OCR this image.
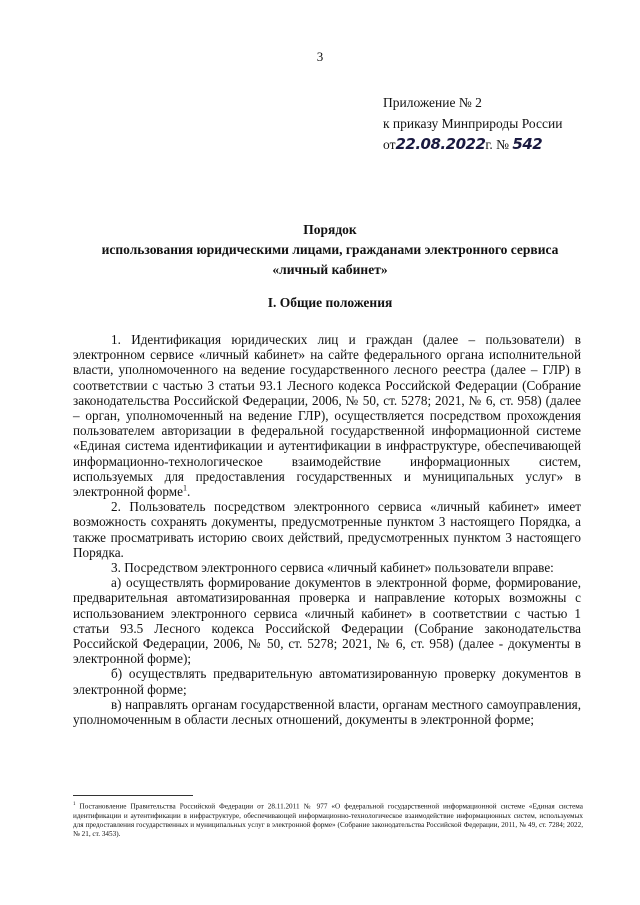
3
Приложение № 2
к приказу Минприроды России
от 22.08.2022 г. №
542
Порядок
использования юридическими лицами, гражданами электронного сервиса
«личный кабинет»
I. Общие положения

1. Идентификация юридических лиц и граждан (далее – пользователи) в электронном сервисе «личный кабинет» на сайте федерального органа исполнительной власти, уполномоченного на ведение государственного лесного реестра (далее – ГЛР) в соответствии с частью 3 статьи 93.1 Лесного кодекса Российской Федерации (Собрание законодательства Российской Федерации, 2006, № 50, ст. 5278; 2021, № 6, ст. 958) (далее – орган, уполномоченный на ведение ГЛР), осуществляется посредством прохождения пользователем авторизации в федеральной государственной информационной системе «Единая система идентификации и аутентификации в инфраструктуре, обеспечивающей информационно-технологическое взаимодействие информационных систем, используемых для предоставления государственных и муниципальных услуг» в электронной форме$^1$.

2. Пользователь посредством электронного сервиса «личный кабинет» имеет возможность сохранять документы, предусмотренные пунктом 3 настоящего Порядка, а также просматривать историю своих действий, предусмотренных пунктом 3 настоящего Порядка.

3. Посредством электронного сервиса «личный кабинет» пользователи вправе:

а) осуществлять формирование документов в электронной форме, формирование, предварительная автоматизированная проверка и направление которых возможны с использованием электронного сервиса «личный кабинет» в соответствии с частью 1 статьи 93.5 Лесного кодекса Российской Федерации (Собрание законодательства Российской Федерации, 2006, № 50, ст. 5278; 2021, № 6, ст. 958) (далее - документы в электронной форме);

б) осуществлять предварительную автоматизированную проверку документов в электронной форме;

в) направлять органам государственной власти, органам местного самоуправления, уполномоченным в области лесных отношений, документы в электронной форме;

$^1$ Постановление Правительства Российской Федерации от 28.11.2011 № 977 «О федеральной государственной информационной системе «Единая система идентификации и аутентификации в инфраструктуре, обеспечивающей информационно-технологическое взаимодействие информационных систем, используемых для предоставления государственных и муниципальных услуг в электронной форме» (Собрание законодательства Российской Федерации, 2011, № 49, ст. 7284; 2022, № 21, ст. 3453).
